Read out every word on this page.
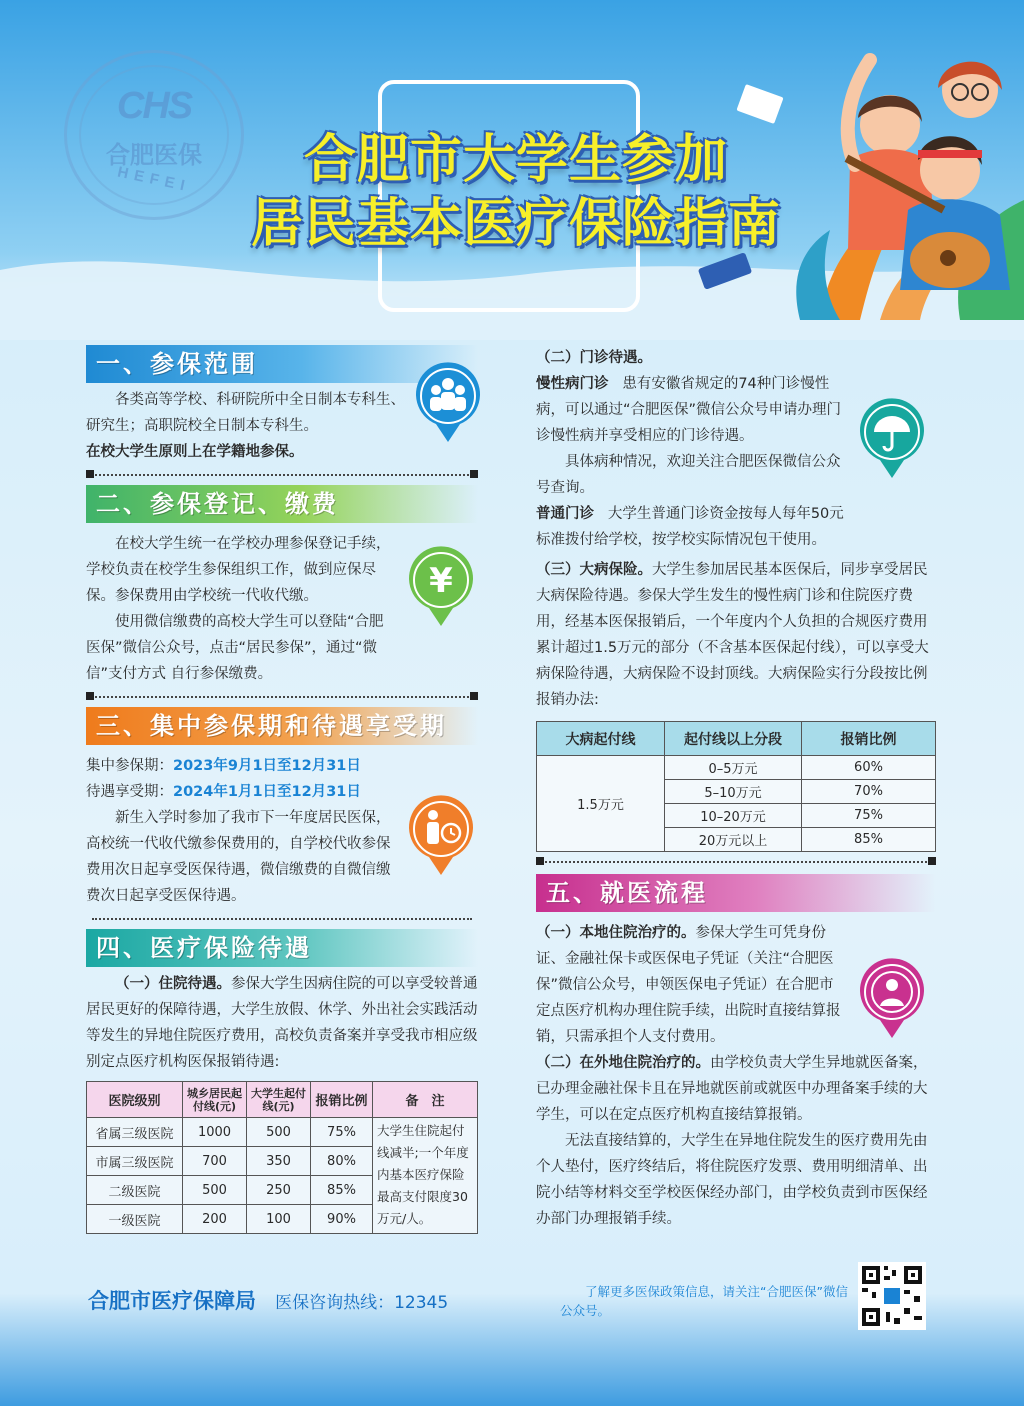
CHS
合肥医保
HEFEI	合肥市大学生参加
居民基本医疗保险指南
一、参保范围

各类高等学校、科研院所中全日制本专科生、研究生；高职院校全日制本专科生。

在校大学生原则上在学籍地参保。

二、参保登记、缴费

在校大学生统一在学校办理参保登记手续，学校负责在校学生参保组织工作，做到应保尽保。参保费用由学校统一代收代缴。

使用微信缴费的高校大学生可以登陆“合肥医保”微信公众号，点击“居民参保”，通过“微信”支付方式 自行参保缴费。

三、集中参保期和待遇享受期

集中参保期：2023年9月1日至12月31日

待遇享受期：2024年1月1日至12月31日

新生入学时参加了我市下一年度居民医保，高校统一代收代缴参保费用的，自学校代收参保费用次日起享受医保待遇，微信缴费的自微信缴费次日起享受医保待遇。

四、医疗保险待遇

（一）住院待遇。参保大学生因病住院的可以享受较普通居民更好的保障待遇，大学生放假、休学、外出社会实践活动等发生的异地住院医疗费用，高校负责备案并享受我市相应级别定点医疗机构医保报销待遇:

医院级别	城乡居民起付线(元)	大学生起付线(元)	报销比例	备　注
省属三级医院	1000	500	75%	大学生住院起付线减半;一个年度内基本医疗保险最高支付限度30万元/人。
市属三级医院	700	350	80%	
二级医院	500	250	85%	
一级医院	200	100	90%	
¥

（二）门诊待遇。

慢性病门诊 患有安徽省规定的74种门诊慢性病，可以通过“合肥医保”微信公众号申请办理门诊慢性病并享受相应的门诊待遇。

具体病种情况，欢迎关注合肥医保微信公众号查询。

普通门诊 大学生普通门诊资金按每人每年50元标准拨付给学校，按学校实际情况包干使用。

（三）大病保险。大学生参加居民基本医保后，同步享受居民大病保险待遇。参保大学生发生的慢性病门诊和住院医疗费用，经基本医保报销后，一个年度内个人负担的合规医疗费用累计超过1.5万元的部分（不含基本医保起付线），可以享受大病保险待遇，大病保险不设封顶线。大病保险实行分段按比例报销办法:

大病起付线	起付线以上分段	报销比例
1.5万元	0–5万元	60%
	5–10万元	70%
	10–20万元	75%
	20万元以上	85%
五、就医流程

（一）本地住院治疗的。参保大学生可凭身份证、金融社保卡或医保电子凭证（关注“合肥医保”微信公众号，申领医保电子凭证）在合肥市定点医疗机构办理住院手续，出院时直接结算报销，只需承担个人支付费用。

（二）在外地住院治疗的。由学校负责大学生异地就医备案，已办理金融社保卡且在异地就医前或就医中办理备案手续的大学生，可以在定点医疗机构直接结算报销。

无法直接结算的，大学生在异地住院发生的医疗费用先由个人垫付，医疗终结后，将住院医疗发票、费用明细清单、出院小结等材料交至学校医保经办部门，由学校负责到市医保经办部门办理报销手续。

合肥市医疗保障局 医保咨询热线：12345

了解更多医保政策信息，请关注“合肥医保”微信公众号。
